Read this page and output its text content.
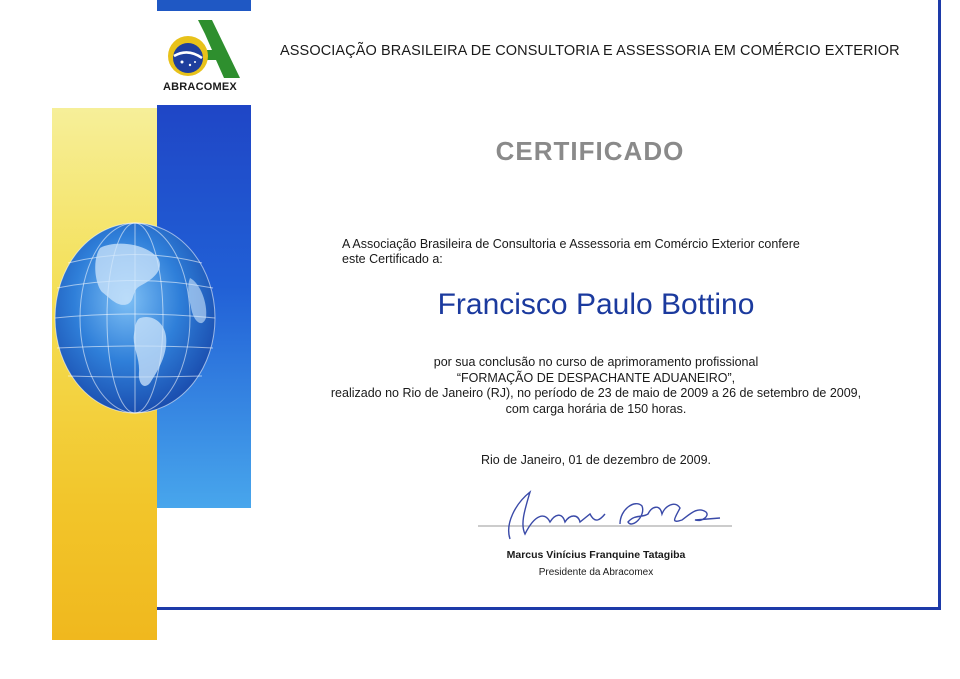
ABRACOMEX
ASSOCIAÇÃO BRASILEIRA DE CONSULTORIA E ASSESSORIA EM COMÉRCIO EXTERIOR
CERTIFICADO
A Associação Brasileira de Consultoria e Assessoria em Comércio Exterior confere
este Certificado a:
Francisco Paulo Bottino
por sua conclusão no curso de aprimoramento profissional
“FORMAÇÃO DE DESPACHANTE ADUANEIRO”,
realizado no Rio de Janeiro (RJ), no período de 23 de maio de 2009 a 26 de setembro de 2009,
com carga horária de 150 horas.
Rio de Janeiro, 01 de dezembro de 2009.
Marcus Vinícius Franquine Tatagiba
Presidente da Abracomex
